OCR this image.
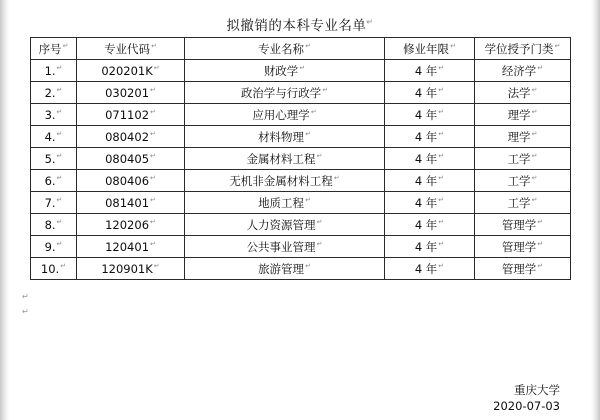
拟撤销的本科专业名单↵
序号↵	专业代码↵	专业名称↵	修业年限↵	学位授予门类↵
1.↵	020201K↵	财政学↵	4 年↵	经济学↵
2.↵	030201↵	政治学与行政学↵	4 年↵	法学↵
3.↵	071102↵	应用心理学↵	4 年↵	理学↵
4.↵	080402↵	材料物理↵	4 年↵	理学↵
5.↵	080405↵	金属材料工程↵	4 年↵	工学↵
6.↵	080406↵	无机非金属材料工程↵	4 年↵	工学↵
7.↵	081401↵	地质工程↵	4 年↵	工学↵
8.↵	120206↵	人力资源管理↵	4 年↵	管理学↵
9.↵	120401↵	公共事业管理↵	4 年↵	管理学↵
10.↵	120901K↵	旅游管理↵	4 年↵	管理学↵
↵
↵
重庆大学
2020-07-03
